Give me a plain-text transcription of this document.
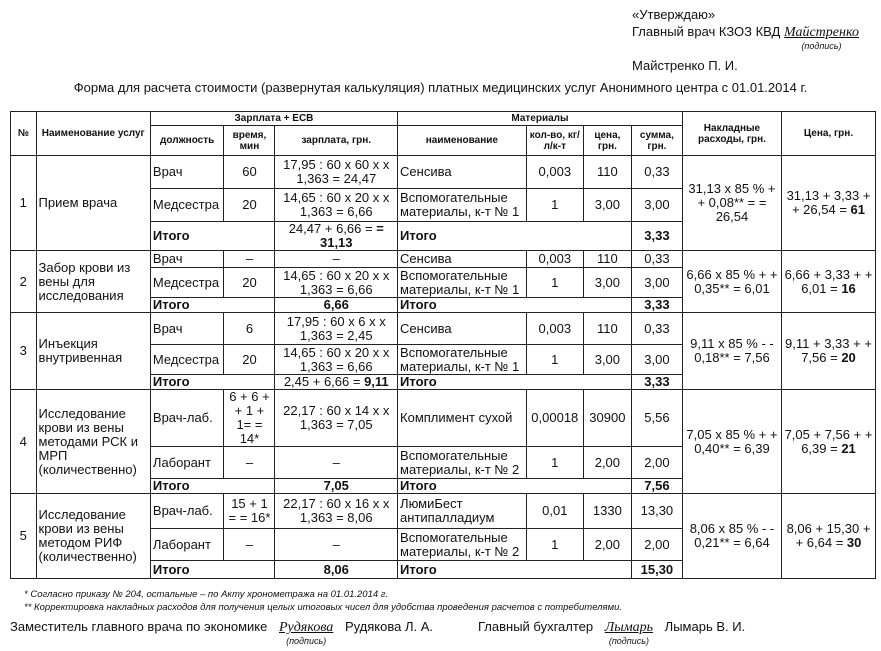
«Утверждаю»
Главный врач КЗОЗ КВД Майстренко
(подпись)
Майстренко П. И.
Форма для расчета стоимости (развернутая калькуляция) платных медицинских услуг Анонимного центра с 01.01.2014 г.
№	Наименование услуг	Зарплата + ЕСВ			Материалы				Накладные расходы, грн.	Цена, грн.
		должность	время, мин	зарплата, грн.	наименование	кол-во, кг/л/к-т	цена, грн.	сумма, грн.		
1	Прием врача	Врач	60	17,95 : 60 х 60 х х 1,363 = 24,47	Сенсива	0,003	110	0,33	31,13 х 85 % + + 0,08** = = 26,54	31,13 + 3,33 + + 26,54 = 61
		Медсестра	20	14,65 : 60 х 20 х х 1,363 = 6,66	Вспомогательные материалы, к-т № 1	1	3,00	3,00		
		Итого		24,47 + 6,66 = = 31,13	Итого			3,33		
2	Забор крови из вены для исследования	Врач	–	–	Сенсива	0,003	110	0,33	6,66 х 85 % + + 0,35** = 6,01	6,66 + 3,33 + + 6,01 = 16
		Медсестра	20	14,65 : 60 х 20 х х 1,363 = 6,66	Вспомогательные материалы, к-т № 1	1	3,00	3,00		
		Итого		6,66	Итого			3,33		
3	Инъекция внутривенная	Врач	6	17,95 : 60 х 6 х х 1,363 = 2,45	Сенсива	0,003	110	0,33	9,11 х 85 % - - 0,18** = 7,56	9,11 + 3,33 + + 7,56 = 20
		Медсестра	20	14,65 : 60 х 20 х х 1,363 = 6,66	Вспомогательные материалы, к-т № 1	1	3,00	3,00		
		Итого		2,45 + 6,66 = 9,11	Итого			3,33		
4	Исследование крови из вены методами РСК и МРП (количественно)	Врач-лаб.	6 + 6 + + 1 + 1= = 14*	22,17 : 60 х 14 х х 1,363 = 7,05	Комплимент сухой	0,00018	30900	5,56	7,05 х 85 % + + 0,40** = 6,39	7,05 + 7,56 + + 6,39 = 21
		Лаборант	–	–	Вспомогательные материалы, к-т № 2	1	2,00	2,00		
		Итого		7,05	Итого			7,56		
5	Исследование крови из вены методом РИФ (количественно)	Врач-лаб.	15 + 1 = = 16*	22,17 : 60 х 16 х х 1,363 = 8,06	ЛюмиБест антипалладиум	0,01	1330	13,30	8,06 х 85 % - - 0,21** = 6,64	8,06 + 15,30 + + 6,64 = 30
		Лаборант	–	–	Вспомогательные материалы, к-т № 2	1	2,00	2,00		
		Итого		8,06	Итого			15,30		
* Согласно приказу № 204, остальные – по Акту хронометража на 01.01.2014 г.
** Корректировка накладных расходов для получения целых итоговых чисел для удобства проведения расчетов с потребителями.
Заместитель главного врача по экономике Рудякова
(подпись)
Рудякова Л. А.	Главный бухгалтер Лымарь
(подпись)
Лымарь В. И.
